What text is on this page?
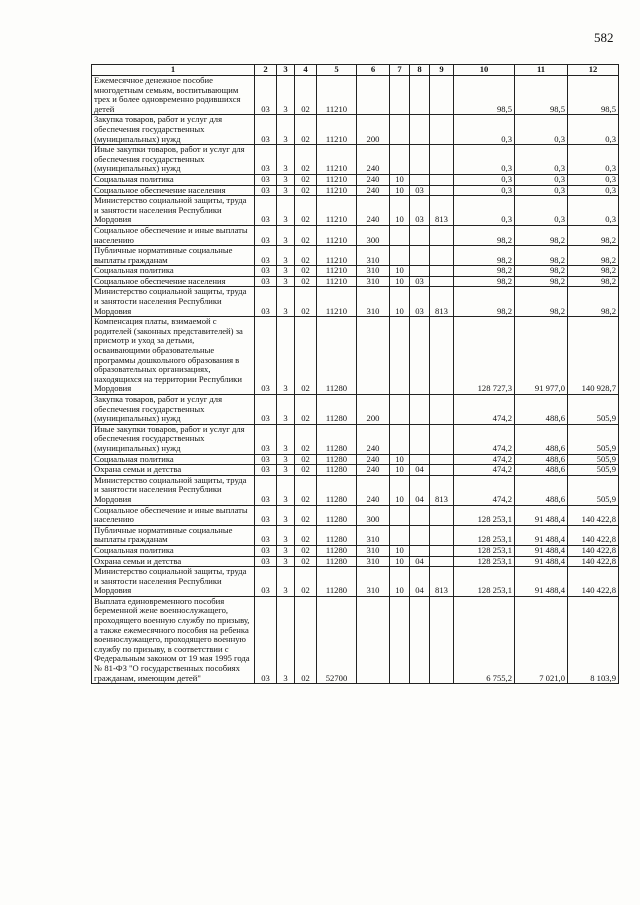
582
1	2	3	4	5	6	7	8	9	10	11	12
Ежемесячное денежное пособие многодетным семьям, воспитывающим трех и более одновременно родившихся детей	03	3	02	11210					98,5	98,5	98,5
Закупка товаров, работ и услуг для обеспечения государственных (муниципальных) нужд	03	3	02	11210	200				0,3	0,3	0,3
Иные закупки товаров, работ и услуг для обеспечения государственных (муниципальных) нужд	03	3	02	11210	240				0,3	0,3	0,3
Социальная политика	03	3	02	11210	240	10			0,3	0,3	0,3
Социальное обеспечение населения	03	3	02	11210	240	10	03		0,3	0,3	0,3
Министерство социальной защиты, труда и занятости населения Республики Мордовия	03	3	02	11210	240	10	03	813	0,3	0,3	0,3
Социальное обеспечение и иные выплаты населению	03	3	02	11210	300				98,2	98,2	98,2
Публичные нормативные социальные выплаты гражданам	03	3	02	11210	310				98,2	98,2	98,2
Социальная политика	03	3	02	11210	310	10			98,2	98,2	98,2
Социальное обеспечение населения	03	3	02	11210	310	10	03		98,2	98,2	98,2
Министерство социальной защиты, труда и занятости населения Республики Мордовия	03	3	02	11210	310	10	03	813	98,2	98,2	98,2
Компенсация платы, взимаемой с родителей (законных представителей) за присмотр и уход за детьми, осваивающими образовательные программы дошкольного образования в образовательных организациях, находящихся на территории Республики Мордовия	03	3	02	11280					128 727,3	91 977,0	140 928,7
Закупка товаров, работ и услуг для обеспечения государственных (муниципальных) нужд	03	3	02	11280	200				474,2	488,6	505,9
Иные закупки товаров, работ и услуг для обеспечения государственных (муниципальных) нужд	03	3	02	11280	240				474,2	488,6	505,9
Социальная политика	03	3	02	11280	240	10			474,2	488,6	505,9
Охрана семьи и детства	03	3	02	11280	240	10	04		474,2	488,6	505,9
Министерство социальной защиты, труда и занятости населения Республики Мордовия	03	3	02	11280	240	10	04	813	474,2	488,6	505,9
Социальное обеспечение и иные выплаты населению	03	3	02	11280	300				128 253,1	91 488,4	140 422,8
Публичные нормативные социальные выплаты гражданам	03	3	02	11280	310				128 253,1	91 488,4	140 422,8
Социальная политика	03	3	02	11280	310	10			128 253,1	91 488,4	140 422,8
Охрана семьи и детства	03	3	02	11280	310	10	04		128 253,1	91 488,4	140 422,8
Министерство социальной защиты, труда и занятости населения Республики Мордовия	03	3	02	11280	310	10	04	813	128 253,1	91 488,4	140 422,8
Выплата единовременного пособия беременной жене военнослужащего, проходящего военную службу по призыву, а также ежемесячного пособия на ребенка военнослужащего, проходящего военную службу по призыву, в соответствии с Федеральным законом от 19 мая 1995 года № 81-ФЗ "О государственных пособиях гражданам, имеющим детей"	03	3	02	52700					6 755,2	7 021,0	8 103,9
